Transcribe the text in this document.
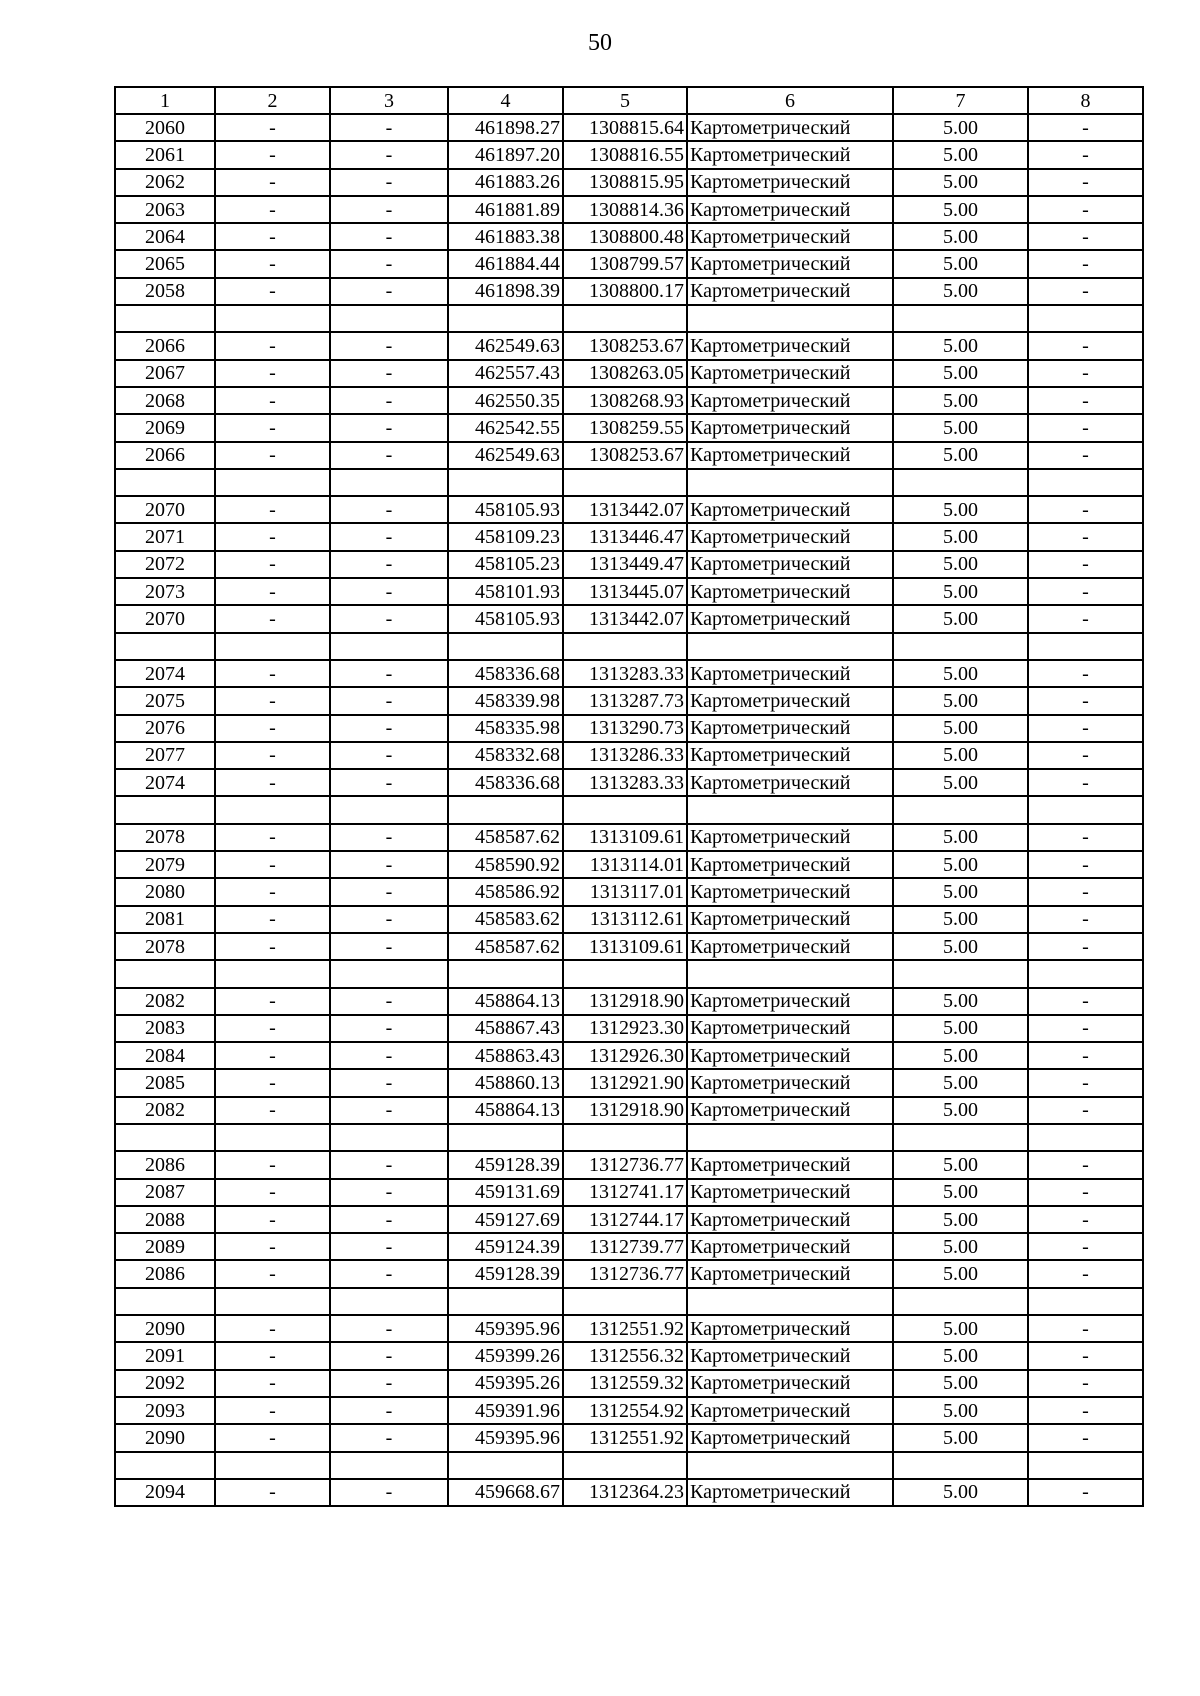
50
1	2	3	4	5	6	7	8
2060	-	-	461898.27	1308815.64	Картометрический	5.00	-
2061	-	-	461897.20	1308816.55	Картометрический	5.00	-
2062	-	-	461883.26	1308815.95	Картометрический	5.00	-
2063	-	-	461881.89	1308814.36	Картометрический	5.00	-
2064	-	-	461883.38	1308800.48	Картометрический	5.00	-
2065	-	-	461884.44	1308799.57	Картометрический	5.00	-
2058	-	-	461898.39	1308800.17	Картометрический	5.00	-

2066	-	-	462549.63	1308253.67	Картометрический	5.00	-
2067	-	-	462557.43	1308263.05	Картометрический	5.00	-
2068	-	-	462550.35	1308268.93	Картометрический	5.00	-
2069	-	-	462542.55	1308259.55	Картометрический	5.00	-
2066	-	-	462549.63	1308253.67	Картометрический	5.00	-

2070	-	-	458105.93	1313442.07	Картометрический	5.00	-
2071	-	-	458109.23	1313446.47	Картометрический	5.00	-
2072	-	-	458105.23	1313449.47	Картометрический	5.00	-
2073	-	-	458101.93	1313445.07	Картометрический	5.00	-
2070	-	-	458105.93	1313442.07	Картометрический	5.00	-

2074	-	-	458336.68	1313283.33	Картометрический	5.00	-
2075	-	-	458339.98	1313287.73	Картометрический	5.00	-
2076	-	-	458335.98	1313290.73	Картометрический	5.00	-
2077	-	-	458332.68	1313286.33	Картометрический	5.00	-
2074	-	-	458336.68	1313283.33	Картометрический	5.00	-

2078	-	-	458587.62	1313109.61	Картометрический	5.00	-
2079	-	-	458590.92	1313114.01	Картометрический	5.00	-
2080	-	-	458586.92	1313117.01	Картометрический	5.00	-
2081	-	-	458583.62	1313112.61	Картометрический	5.00	-
2078	-	-	458587.62	1313109.61	Картометрический	5.00	-

2082	-	-	458864.13	1312918.90	Картометрический	5.00	-
2083	-	-	458867.43	1312923.30	Картометрический	5.00	-
2084	-	-	458863.43	1312926.30	Картометрический	5.00	-
2085	-	-	458860.13	1312921.90	Картометрический	5.00	-
2082	-	-	458864.13	1312918.90	Картометрический	5.00	-

2086	-	-	459128.39	1312736.77	Картометрический	5.00	-
2087	-	-	459131.69	1312741.17	Картометрический	5.00	-
2088	-	-	459127.69	1312744.17	Картометрический	5.00	-
2089	-	-	459124.39	1312739.77	Картометрический	5.00	-
2086	-	-	459128.39	1312736.77	Картометрический	5.00	-

2090	-	-	459395.96	1312551.92	Картометрический	5.00	-
2091	-	-	459399.26	1312556.32	Картометрический	5.00	-
2092	-	-	459395.26	1312559.32	Картометрический	5.00	-
2093	-	-	459391.96	1312554.92	Картометрический	5.00	-
2090	-	-	459395.96	1312551.92	Картометрический	5.00	-

2094	-	-	459668.67	1312364.23	Картометрический	5.00	-
